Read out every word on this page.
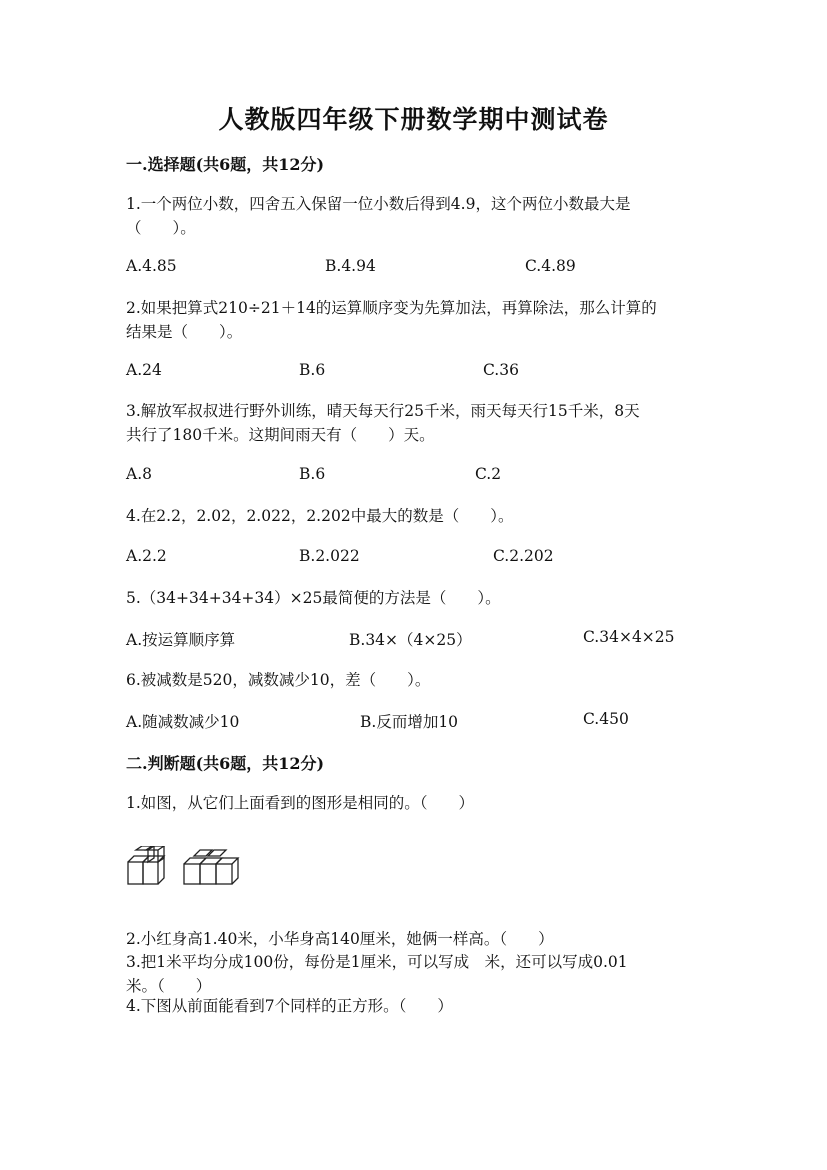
人教版四年级下册数学期中测试卷
一.选择题(共6题，共12分)
1.一个两位小数，四舍五入保留一位小数后得到4.9，这个两位小数最大是
（　　）。
A.4.85	B.4.94	C.4.89
2.如果把算式210÷21＋14的运算顺序变为先算加法，再算除法，那么计算的
结果是（　　）。
A.24	B.6	C.36
3.解放军叔叔进行野外训练，晴天每天行25千米，雨天每天行15千米，8天
共行了180千米。这期间雨天有（　　）天。
A.8	B.6	C.2
4.在2.2，2.02，2.022，2.202中最大的数是（　　）。
A.2.2	B.2.022	C.2.202
5.（34+34+34+34）×25最简便的方法是（　　）。
A.按运算顺序算	B.34×（4×25）	C.34×4×25
6.被减数是520，减数减少10，差（　　）。
A.随减数减少10	B.反而增加10	C.450
二.判断题(共6题，共12分)
1.如图，从它们上面看到的图形是相同的。（　　）
2.小红身高1.40米，小华身高140厘米，她俩一样高。（　　）
3.把1米平均分成100份，每份是1厘米，可以写成　米，还可以写成0.01
米。（　　）
4.下图从前面能看到7个同样的正方形。（　　）
